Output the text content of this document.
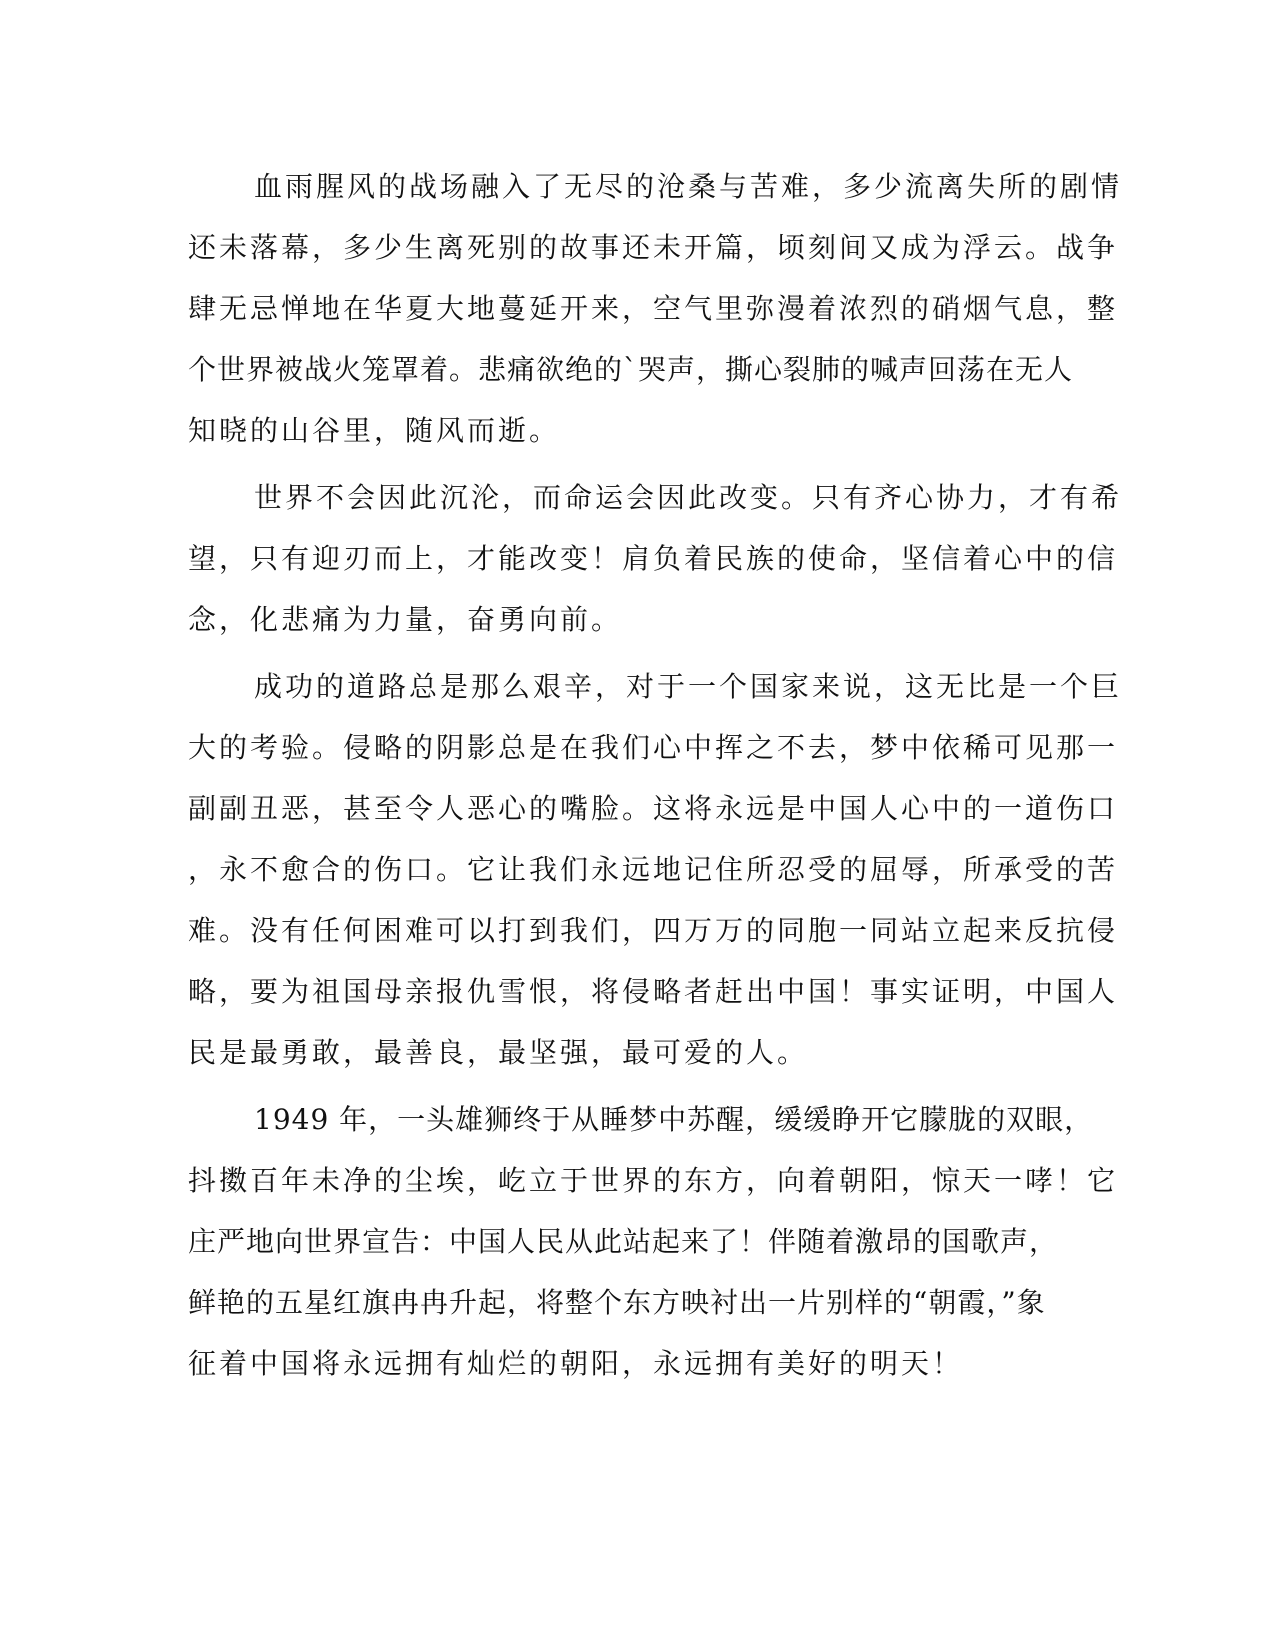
血雨腥风的战场融入了无尽的沧桑与苦难，多少流离失所的剧情
还未落幕，多少生离死别的故事还未开篇，顷刻间又成为浮云。战争
肆无忌惮地在华夏大地蔓延开来，空气里弥漫着浓烈的硝烟气息，整
个世界被战火笼罩着。悲痛欲绝的`哭声，撕心裂肺的喊声回荡在无人
知晓的山谷里，随风而逝。
世界不会因此沉沦，而命运会因此改变。只有齐心协力，才有希
望，只有迎刃而上，才能改变！肩负着民族的使命，坚信着心中的信
念，化悲痛为力量，奋勇向前。
成功的道路总是那么艰辛，对于一个国家来说，这无比是一个巨
大的考验。侵略的阴影总是在我们心中挥之不去，梦中依稀可见那一
副副丑恶，甚至令人恶心的嘴脸。这将永远是中国人心中的一道伤口
，永不愈合的伤口。它让我们永远地记住所忍受的屈辱，所承受的苦
难。没有任何困难可以打到我们，四万万的同胞一同站立起来反抗侵
略，要为祖国母亲报仇雪恨，将侵略者赶出中国！事实证明，中国人
民是最勇敢，最善良，最坚强，最可爱的人。
1949 年，一头雄狮终于从睡梦中苏醒，缓缓睁开它朦胧的双眼，
抖擞百年未净的尘埃，屹立于世界的东方，向着朝阳，惊天一哮！它
庄严地向世界宣告：中国人民从此站起来了！伴随着激昂的国歌声，
鲜艳的五星红旗冉冉升起，将整个东方映衬出一片别样的“朝霞，”象
征着中国将永远拥有灿烂的朝阳，永远拥有美好的明天！
